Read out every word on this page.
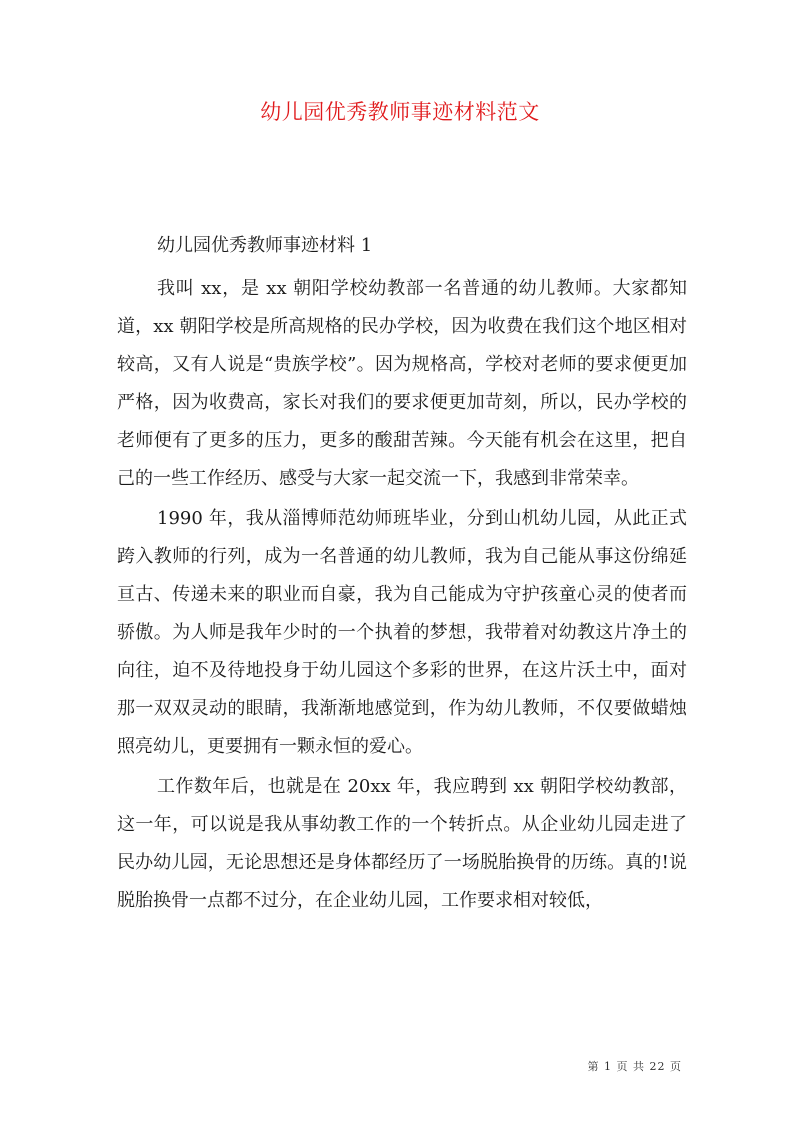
幼儿园优秀教师事迹材料范文
幼儿园优秀教师事迹材料 1

我叫 xx，是 xx 朝阳学校幼教部一名普通的幼儿教师。大家都知道，xx 朝阳学校是所高规格的民办学校，因为收费在我们这个地区相对较高，又有人说是“贵族学校”。因为规格高，学校对老师的要求便更加严格，因为收费高，家长对我们的要求便更加苛刻，所以，民办学校的老师便有了更多的压力，更多的酸甜苦辣。今天能有机会在这里，把自己的一些工作经历、感受与大家一起交流一下，我感到非常荣幸。

1990 年，我从淄博师范幼师班毕业，分到山机幼儿园，从此正式跨入教师的行列，成为一名普通的幼儿教师，我为自己能从事这份绵延亘古、传递未来的职业而自豪，我为自己能成为守护孩童心灵的使者而骄傲。为人师是我年少时的一个执着的梦想，我带着对幼教这片净土的向往，迫不及待地投身于幼儿园这个多彩的世界，在这片沃土中，面对那一双双灵动的眼睛，我渐渐地感觉到，作为幼儿教师，不仅要做蜡烛照亮幼儿，更要拥有一颗永恒的爱心。

工作数年后，也就是在 20xx 年，我应聘到 xx 朝阳学校幼教部，这一年，可以说是我从事幼教工作的一个转折点。从企业幼儿园走进了民办幼儿园，无论思想还是身体都经历了一场脱胎换骨的历练。真的!说脱胎换骨一点都不过分，在企业幼儿园，工作要求相对较低，

第 1 页 共 22 页
